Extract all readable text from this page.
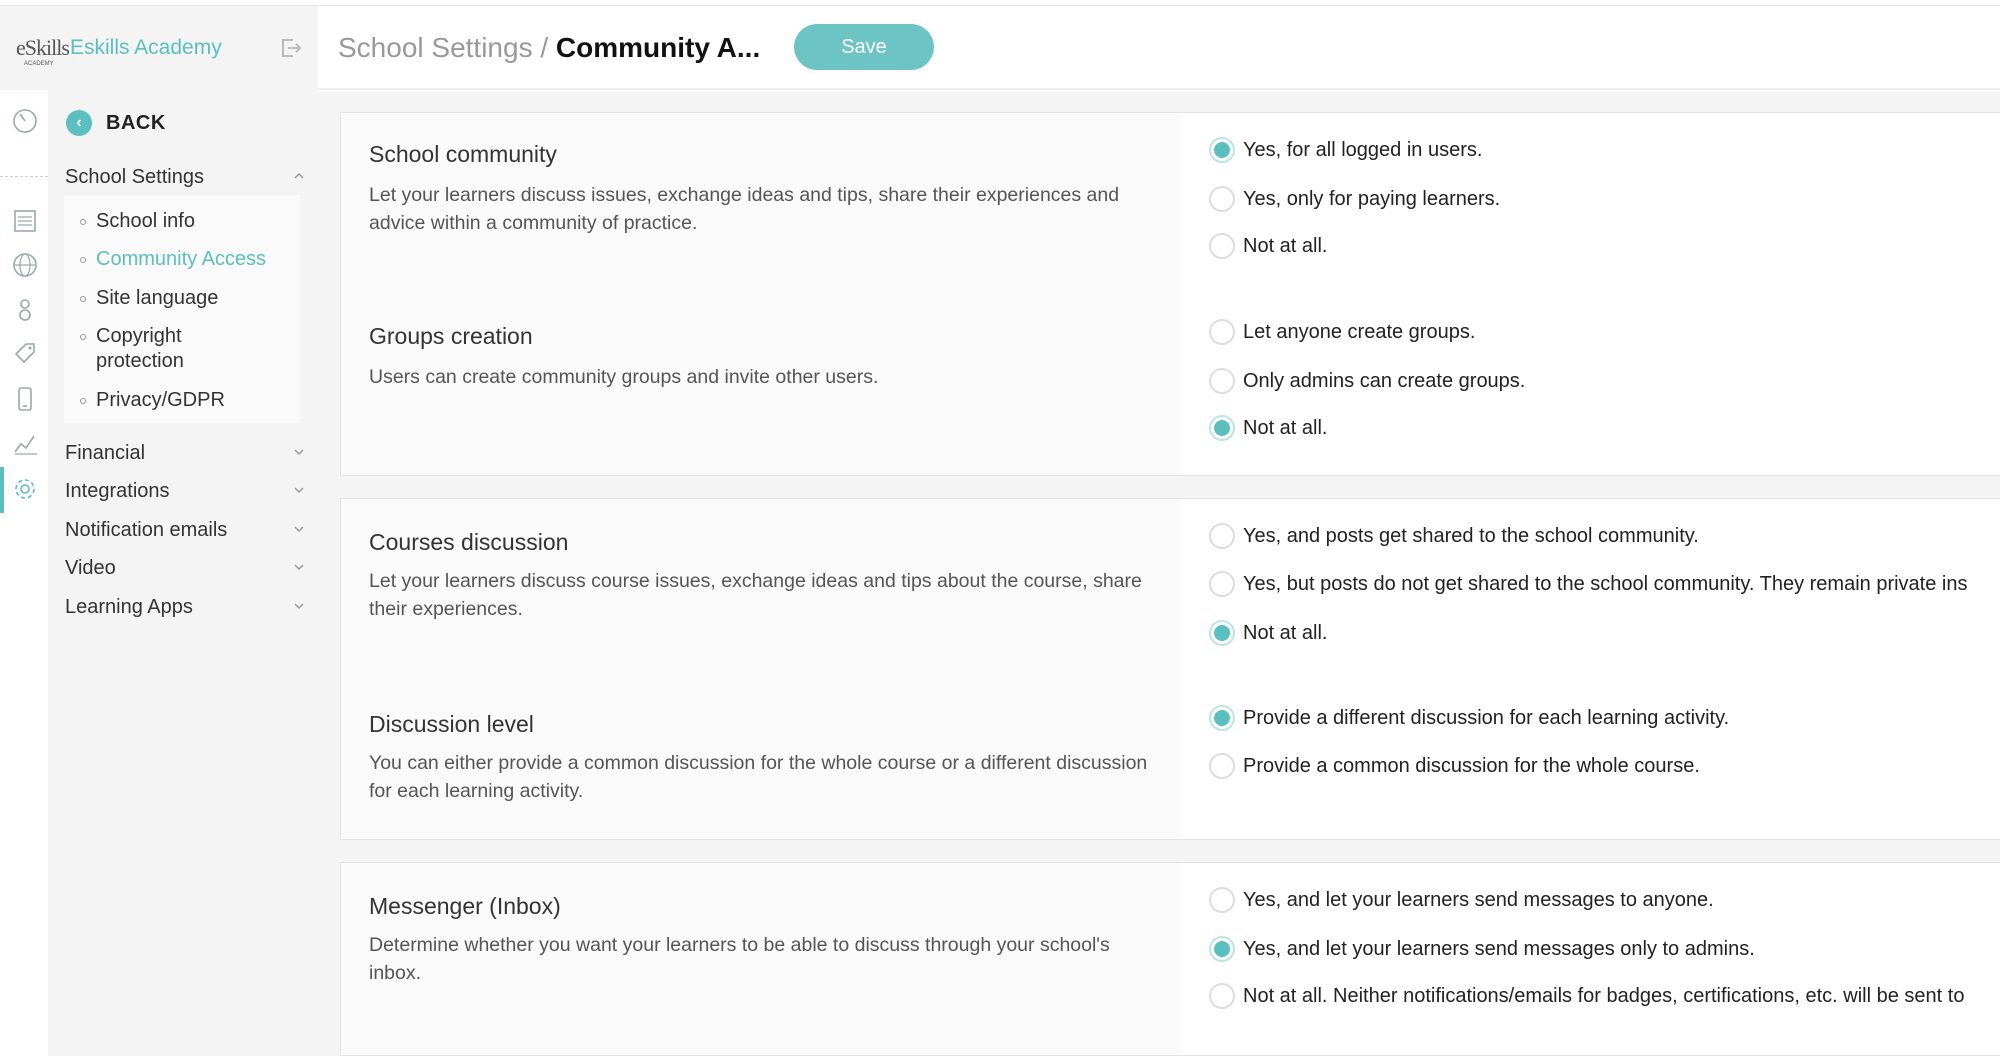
eSkills
ACADEMY
Eskills Academy
‹	BACK
School Settings
School info
Community Access
Site language
Copyright
protection
Privacy/GDPR
Financial
Integrations
Notification emails
Video
Learning Apps
School Settings / Community A...	Save
School community
Let your learners discuss issues, exchange ideas and tips, share their experiences and advice within a community of practice.
Yes, for all logged in users.
Yes, only for paying learners.
Not at all.
Groups creation
Users can create community groups and invite other users.
Let anyone create groups.
Only admins can create groups.
Not at all.
Courses discussion
Let your learners discuss course issues, exchange ideas and tips about the course, share their experiences.
Yes, and posts get shared to the school community.
Yes, but posts do not get shared to the school community. They remain private ins
Not at all.
Discussion level
You can either provide a common discussion for the whole course or a different discussion for each learning activity.
Provide a different discussion for each learning activity.
Provide a common discussion for the whole course.
Messenger (Inbox)
Determine whether you want your learners to be able to discuss through your school's inbox.
Yes, and let your learners send messages to anyone.
Yes, and let your learners send messages only to admins.
Not at all. Neither notifications/emails for badges, certifications, etc. will be sent to
